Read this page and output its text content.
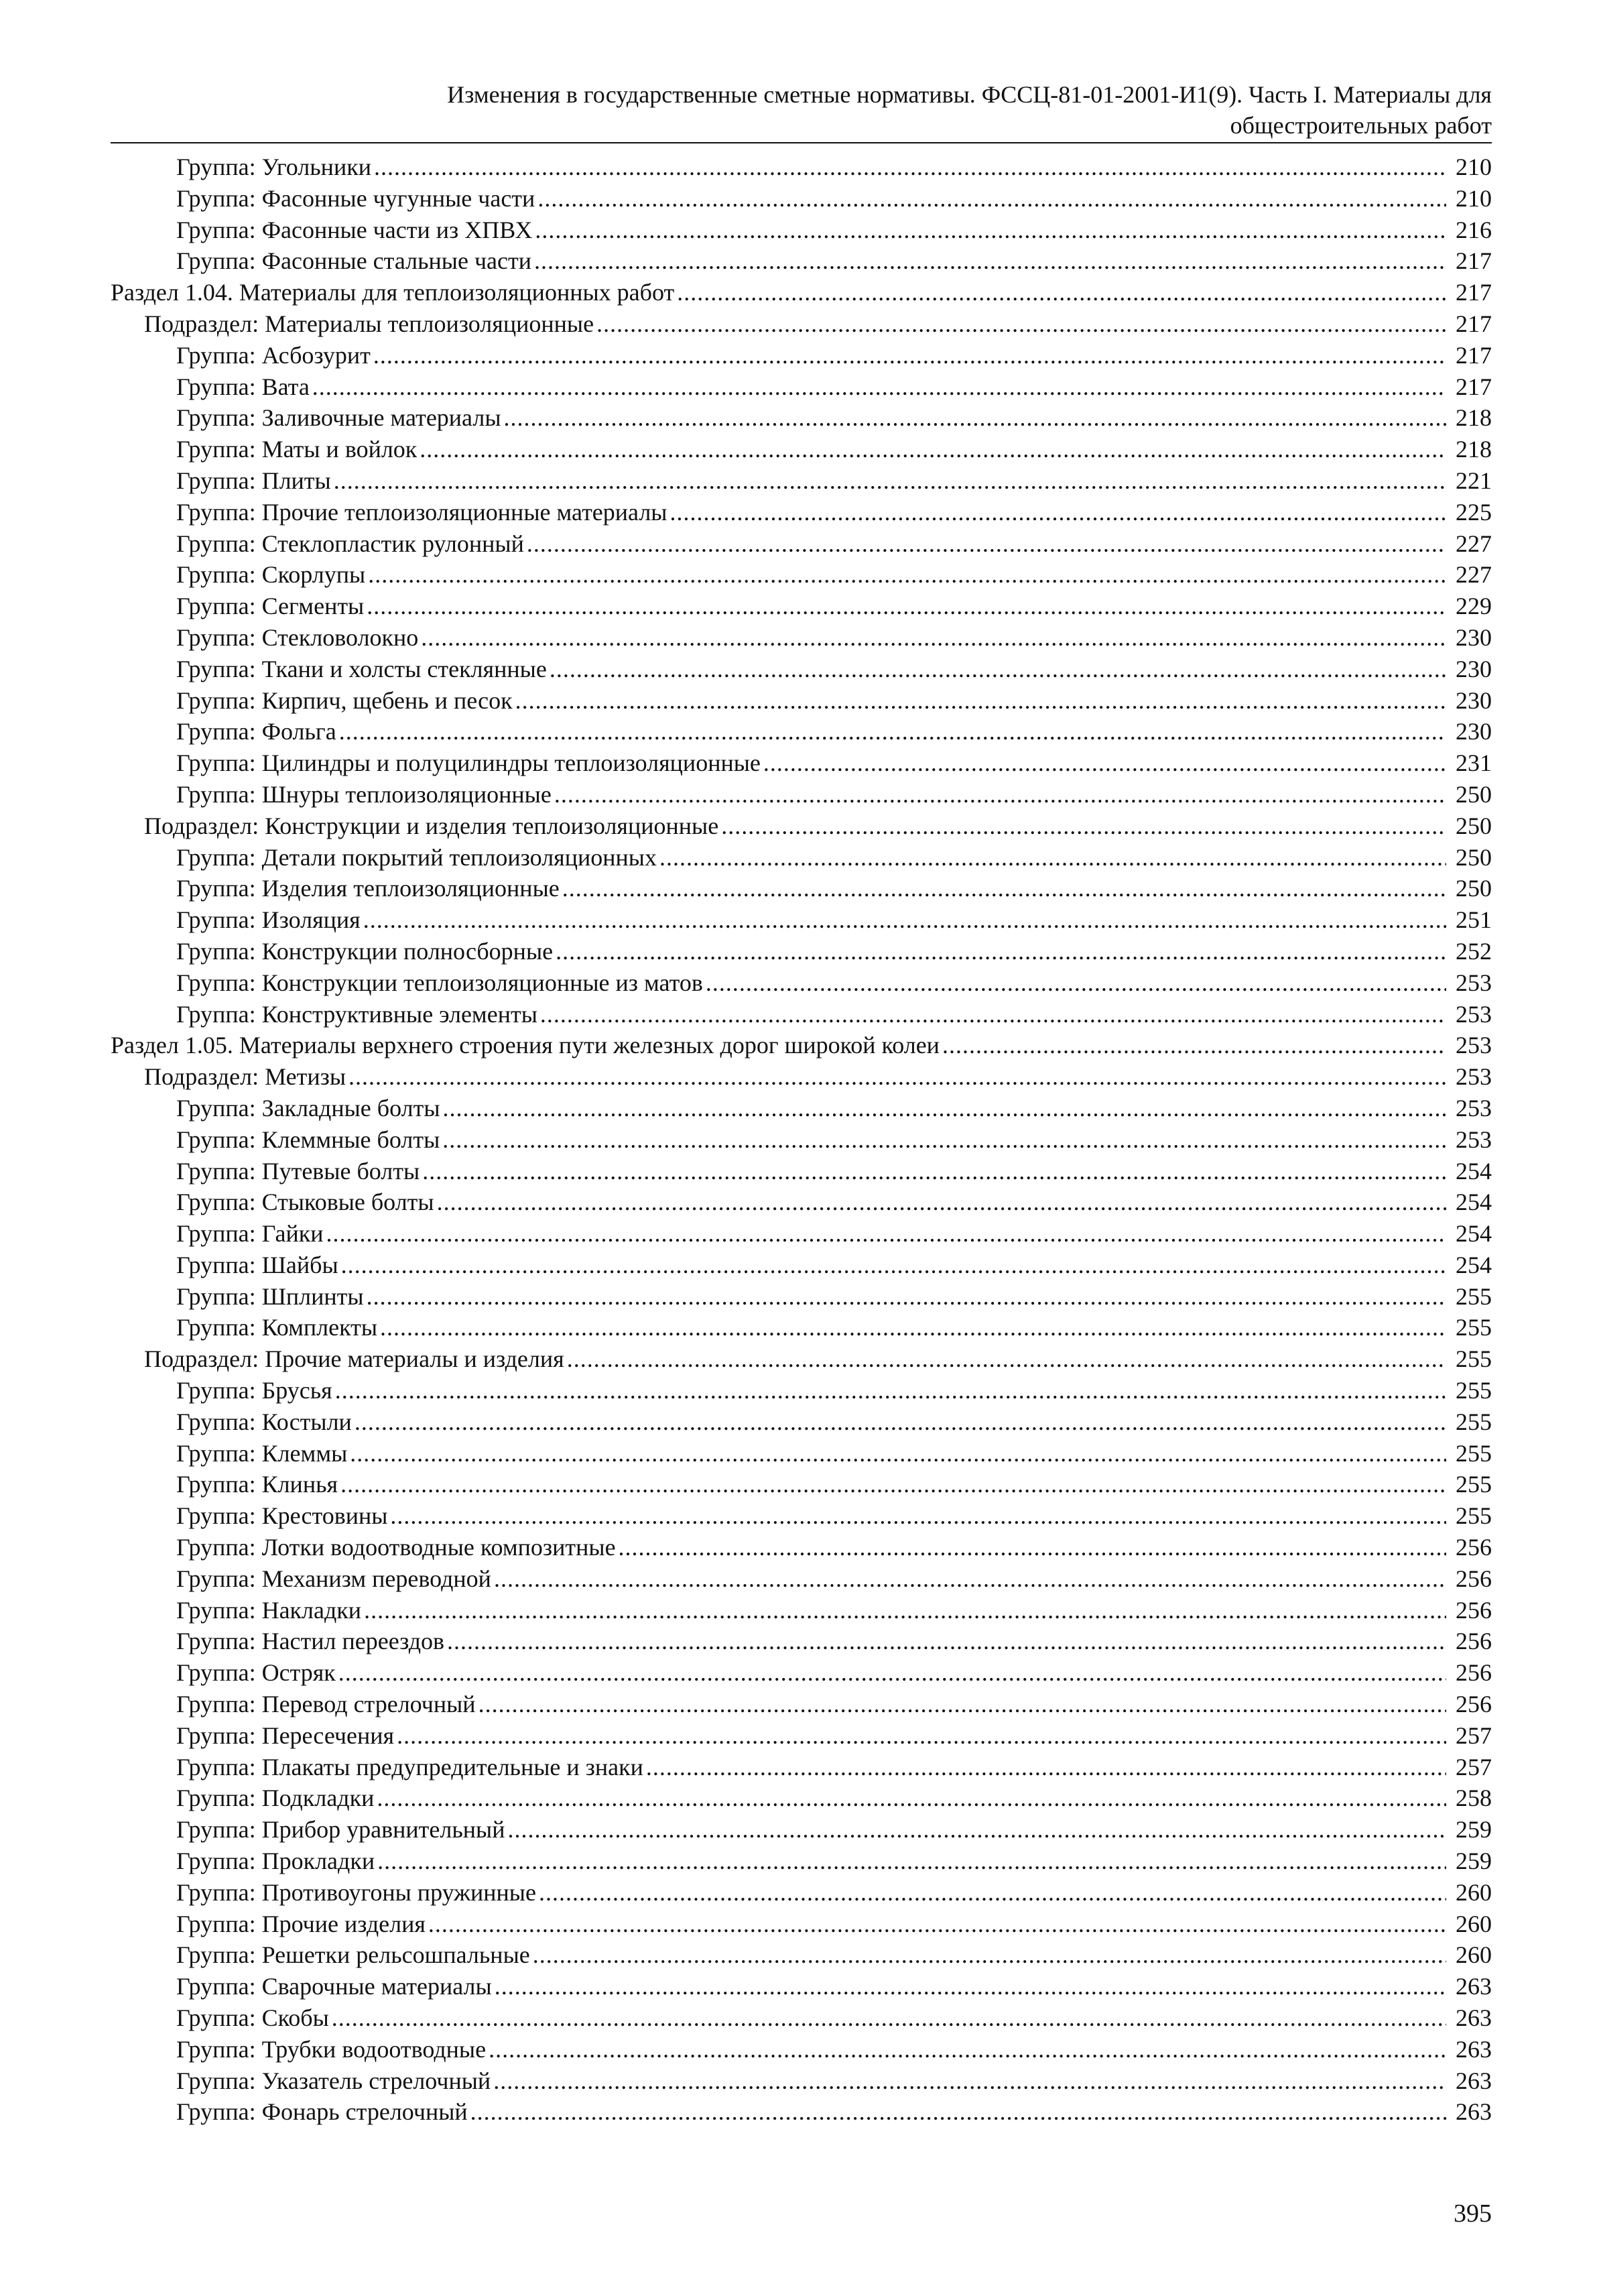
Изменения в государственные сметные нормативы. ФССЦ-81-01-2001-И1(9). Часть I. Материалы для
общестроительных работ
Группа: Угольники .....	210
Группа: Фасонные чугунные части .....	210
Группа: Фасонные части из ХПВХ .....	216
Группа: Фасонные стальные части .....	217
Раздел 1.04. Материалы для теплоизоляционных работ .....	217
Подраздел: Материалы теплоизоляционные .....	217
Группа: Асбозурит .....	217
Группа: Вата .....	217
Группа: Заливочные материалы .....	218
Группа: Маты и войлок .....	218
Группа: Плиты .....	221
Группа: Прочие теплоизоляционные материалы .....	225
Группа: Стеклопластик рулонный .....	227
Группа: Скорлупы .....	227
Группа: Сегменты .....	229
Группа: Стекловолокно .....	230
Группа: Ткани и холсты стеклянные .....	230
Группа: Кирпич, щебень и песок .....	230
Группа: Фольга .....	230
Группа: Цилиндры и полуцилиндры теплоизоляционные .....	231
Группа: Шнуры теплоизоляционные .....	250
Подраздел: Конструкции и изделия теплоизоляционные .....	250
Группа: Детали покрытий теплоизоляционных .....	250
Группа: Изделия теплоизоляционные .....	250
Группа: Изоляция .....	251
Группа: Конструкции полносборные .....	252
Группа: Конструкции теплоизоляционные из матов .....	253
Группа: Конструктивные элементы .....	253
Раздел 1.05. Материалы верхнего строения пути железных дорог широкой колеи .....	253
Подраздел: Метизы .....	253
Группа: Закладные болты .....	253
Группа: Клеммные болты .....	253
Группа: Путевые болты .....	254
Группа: Стыковые болты .....	254
Группа: Гайки .....	254
Группа: Шайбы .....	254
Группа: Шплинты .....	255
Группа: Комплекты .....	255
Подраздел: Прочие материалы и изделия .....	255
Группа: Брусья .....	255
Группа: Костыли .....	255
Группа: Клеммы .....	255
Группа: Клинья .....	255
Группа: Крестовины .....	255
Группа: Лотки водоотводные композитные .....	256
Группа: Механизм переводной .....	256
Группа: Накладки .....	256
Группа: Настил переездов .....	256
Группа: Остряк .....	256
Группа: Перевод стрелочный .....	256
Группа: Пересечения .....	257
Группа: Плакаты предупредительные и знаки .....	257
Группа: Подкладки .....	258
Группа: Прибор уравнительный .....	259
Группа: Прокладки .....	259
Группа: Противоугоны пружинные .....	260
Группа: Прочие изделия .....	260
Группа: Решетки рельсошпальные .....	260
Группа: Сварочные материалы .....	263
Группа: Скобы .....	263
Группа: Трубки водоотводные .....	263
Группа: Указатель стрелочный .....	263
Группа: Фонарь стрелочный .....	263
395
